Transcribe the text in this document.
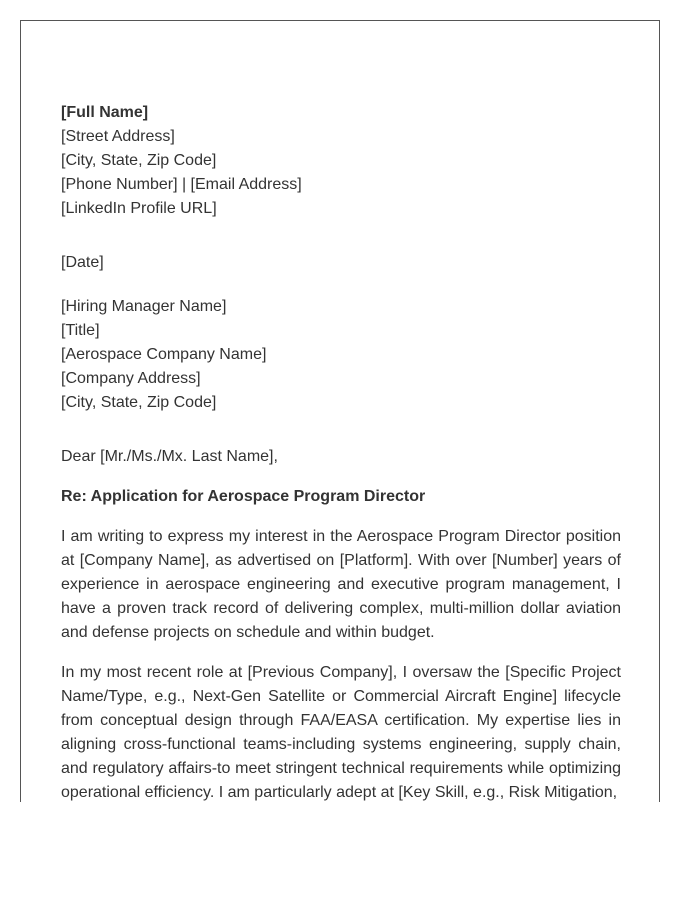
[Full Name]
[Street Address]
[City, State, Zip Code]
[Phone Number] | [Email Address]
[LinkedIn Profile URL]
[Date]
[Hiring Manager Name]
[Title]
[Aerospace Company Name]
[Company Address]
[City, State, Zip Code]
Dear [Mr./Ms./Mx. Last Name],
Re: Application for Aerospace Program Director

I am writing to express my interest in the Aerospace Program Director position at [Company Name], as advertised on [Platform]. With over [Number] years of experience in aerospace engineering and executive program management, I have a proven track record of delivering complex, multi-million dollar aviation and defense projects on schedule and within budget.

In my most recent role at [Previous Company], I oversaw the [Specific Project Name/Type, e.g., Next-Gen Satellite or Commercial Aircraft Engine] lifecycle from conceptual design through FAA/EASA certification. My expertise lies in aligning cross-functional teams-including systems engineering, supply chain, and regulatory affairs-to meet stringent technical requirements while optimizing operational efficiency. I am particularly adept at [Key Skill, e.g., Risk Mitigation,
